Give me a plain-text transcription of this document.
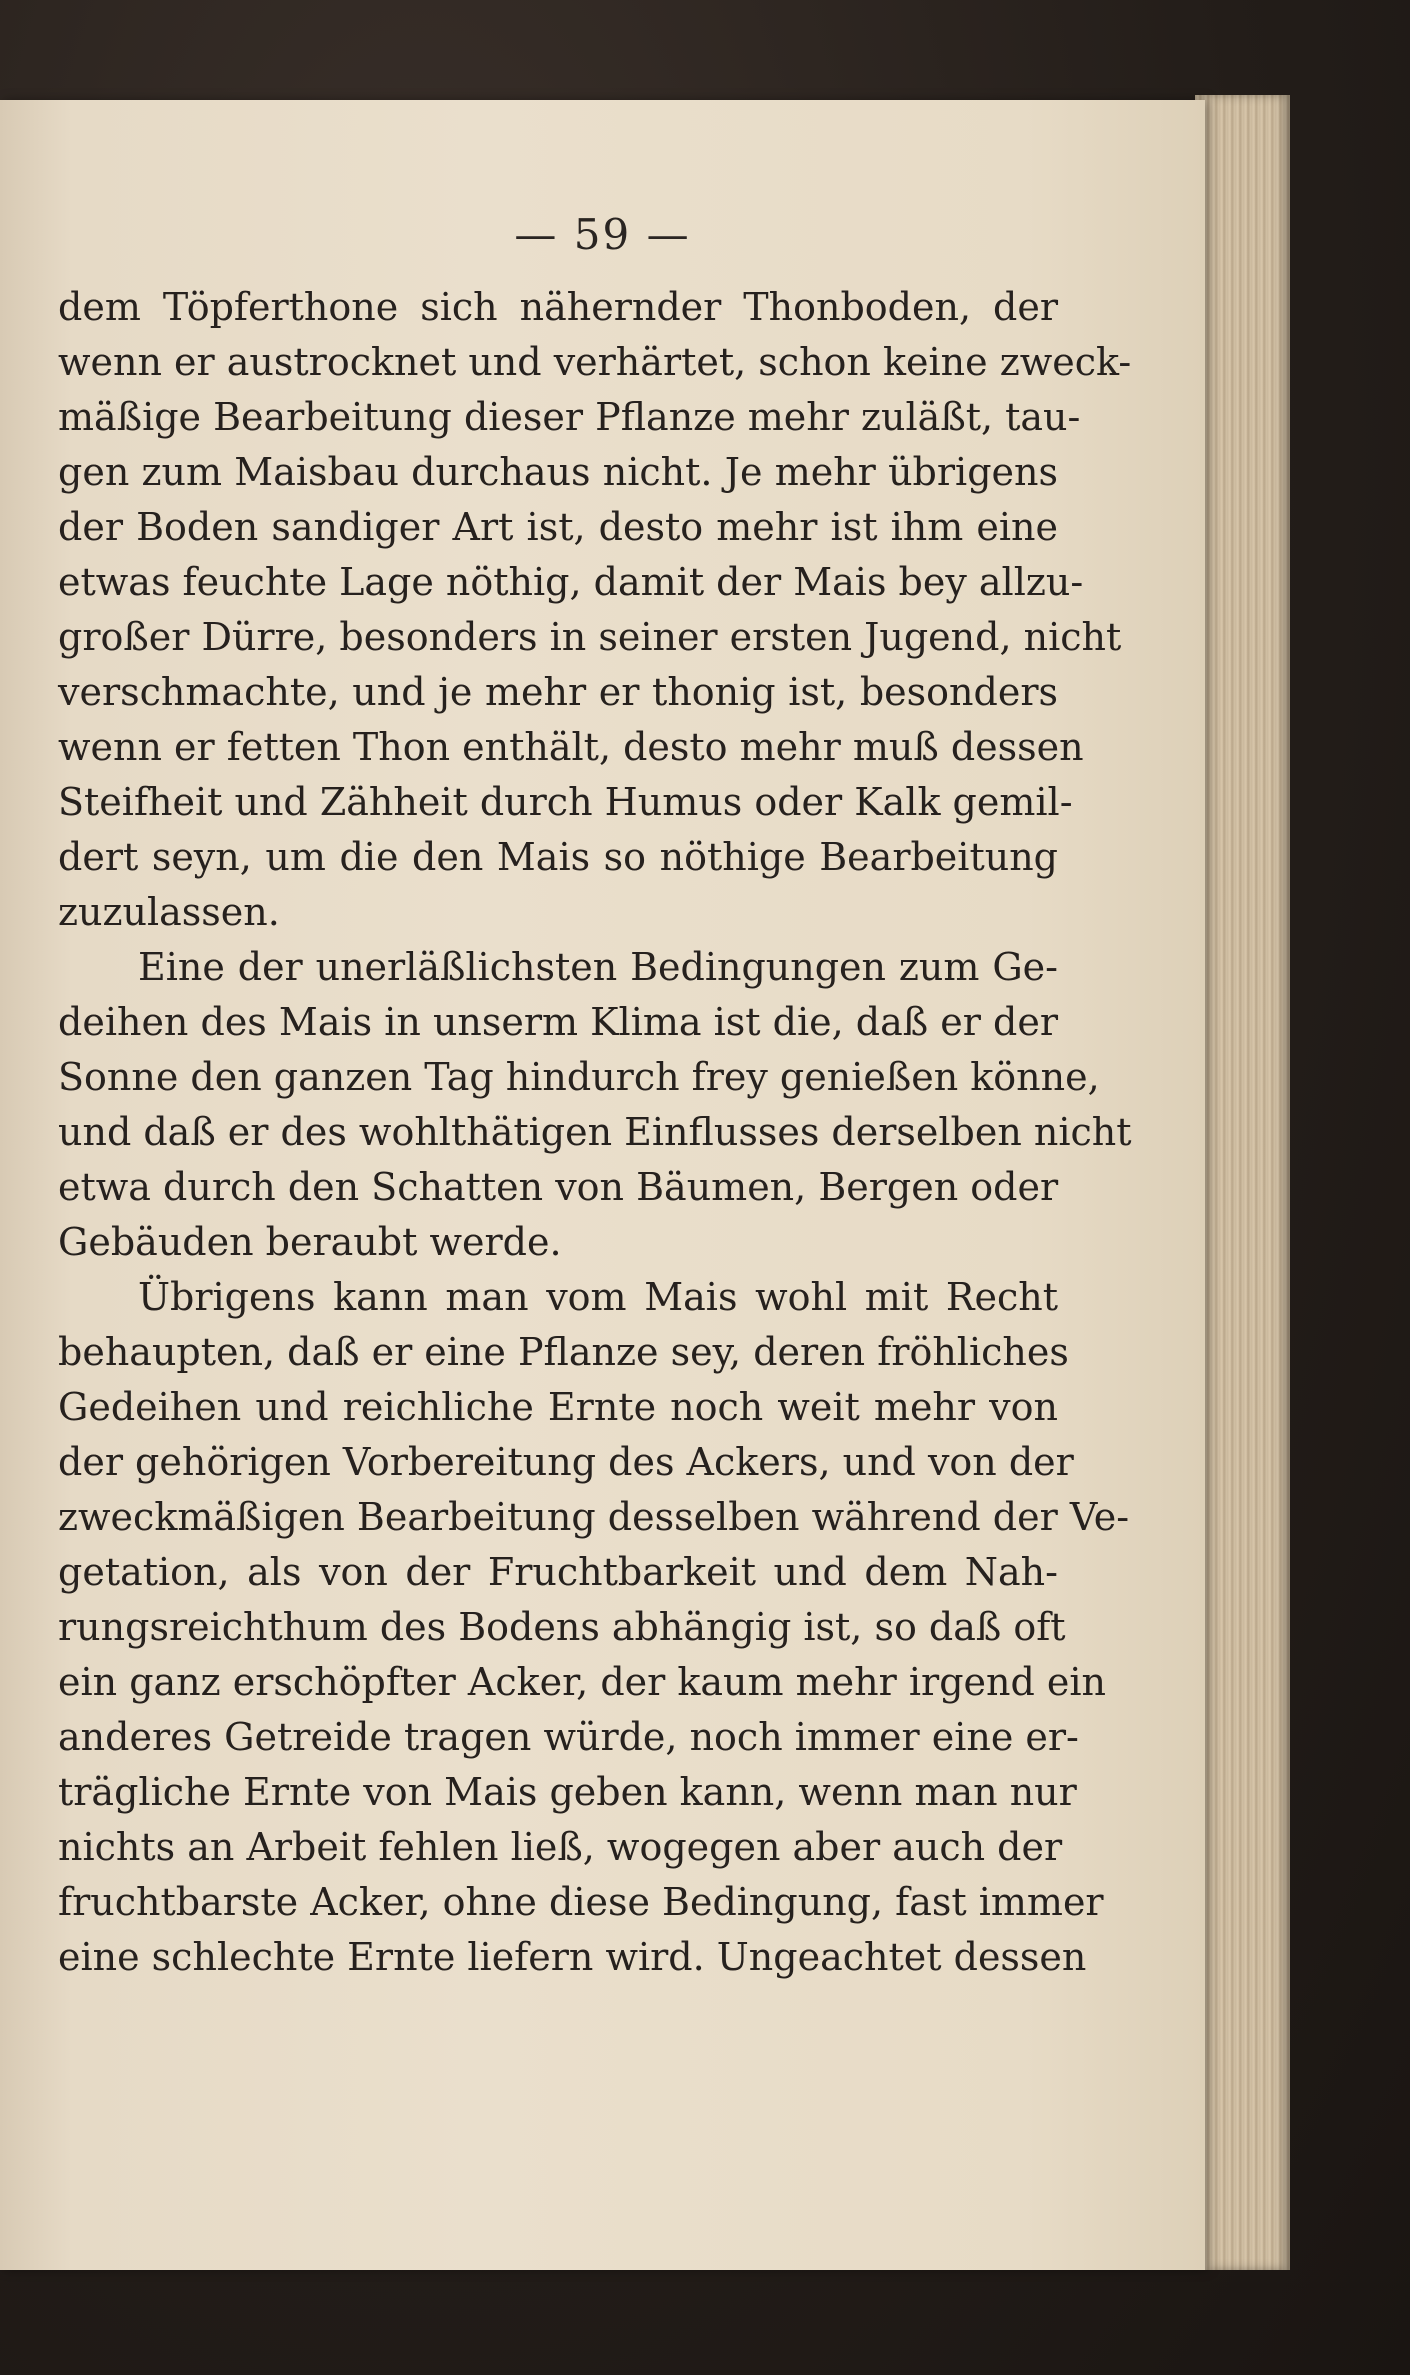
— 59 —
dem Töpferthone sich nähernder Thonboden, der
wenn er austrocknet und verhärtet, schon keine zweck-
mäßige Bearbeitung dieser Pflanze mehr zuläßt, tau-
gen zum Maisbau durchaus nicht. Je mehr übrigens
der Boden sandiger Art ist, desto mehr ist ihm eine
etwas feuchte Lage nöthig, damit der Mais bey allzu-
großer Dürre, besonders in seiner ersten Jugend, nicht
verschmachte, und je mehr er thonig ist, besonders
wenn er fetten Thon enthält, desto mehr muß dessen
Steifheit und Zähheit durch Humus oder Kalk gemil-
dert seyn, um die den Mais so nöthige Bearbeitung
zuzulassen.
Eine der unerläßlichsten Bedingungen zum Ge-
deihen des Mais in unserm Klima ist die, daß er der
Sonne den ganzen Tag hindurch frey genießen könne,
und daß er des wohlthätigen Einflusses derselben nicht
etwa durch den Schatten von Bäumen, Bergen oder
Gebäuden beraubt werde.
Übrigens kann man vom Mais wohl mit Recht
behaupten, daß er eine Pflanze sey, deren fröhliches
Gedeihen und reichliche Ernte noch weit mehr von
der gehörigen Vorbereitung des Ackers, und von der
zweckmäßigen Bearbeitung desselben während der Ve-
getation, als von der Fruchtbarkeit und dem Nah-
rungsreichthum des Bodens abhängig ist, so daß oft
ein ganz erschöpfter Acker, der kaum mehr irgend ein
anderes Getreide tragen würde, noch immer eine er-
trägliche Ernte von Mais geben kann, wenn man nur
nichts an Arbeit fehlen ließ, wogegen aber auch der
fruchtbarste Acker, ohne diese Bedingung, fast immer
eine schlechte Ernte liefern wird. Ungeachtet dessen
